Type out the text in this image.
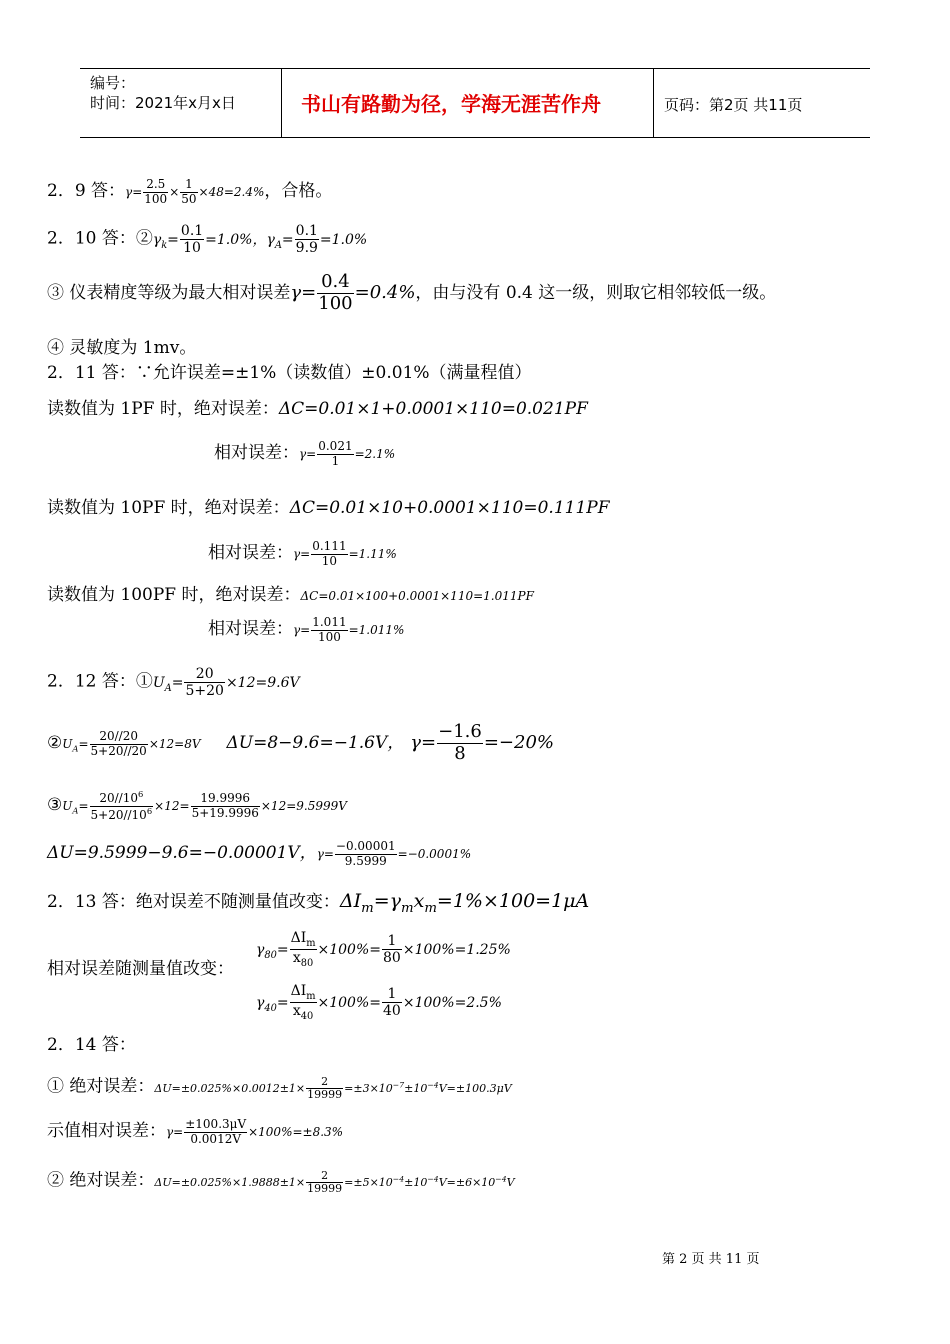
编号：
时间：2021年x月x日	书山有路勤为径，学海无涯苦作舟	页码：第2页 共11页
2．9 答：$\gamma= \frac{2.5}{100} \times \frac{1}{50} \times 48=2.4\%$，合格。
2．10 答：$②\gamma_k= \frac{0.1}{10} =1.0\%$，$\gamma_A= \frac{0.1}{9.9} =1.0\%$
③ 仪表精度等级为最大相对误差$\gamma= \frac{0.4}{100} =0.4\%$，由与没有 0.4 这一级，则取它相邻较低一级。
④ 灵敏度为 1mv。
2．11 答：∵允许误差=±1%（读数值）±0.01%（满量程值）
读数值为 1PF 时，绝对误差：ΔC=0.01×1+0.0001×110=0.021PF
相对误差：$\gamma= \frac{0.021}{1} =2.1\%$
读数值为 10PF 时，绝对误差：ΔC=0.01×10+0.0001×110=0.111PF
相对误差：$\gamma= \frac{0.111}{10} =1.11\%$
读数值为 100PF 时，绝对误差：ΔC=0.01×100+0.0001×110=1.011PF
相对误差：$\gamma= \frac{1.011}{100} =1.011\%$
2．12 答：$①U_A= \frac{20}{5+20} \times 12=9.6V$
$②U_A= \frac{20//20}{5+20//20} \times 12=8V$ ΔU=8−9.6=−1.6V， $\gamma= \frac{-1.6}{8} =-20\%$
$③U_A= \frac{20//10^6}{5+20//10^6} \times 12= \frac{19.9996}{5+19.9996} \times 12=9.5999V$
ΔU=9.5999−9.6=−0.00001V，$\gamma= \frac{-0.00001}{9.5999} =-0.0001\%$
2．13 答：绝对误差不随测量值改变：$\Delta I_m=\gamma_mx_m=1\%\times 100=1\mu A$
相对误差随测量值改变：
$\gamma_{80}= \frac{\Delta I_m}{x_{80}} \times 100\%= \frac{1}{80} \times 100\%=1.25\%$
$\gamma_{40}= \frac{\Delta I_m}{x_{40}} \times 100\%= \frac{1}{40} \times 100\%=2.5\%$
2．14 答：
① 绝对误差：$\Delta U=\pm 0.025\%\times 0.0012\pm 1\times \frac{2}{19999} =\pm 3\times 10^{-7}\pm 10^{-4}V=\pm 100.3\mu V$
示值相对误差：$\gamma= \frac{\pm 100.3\mu V}{0.0012V} \times 100\%=\pm 8.3\%$
② 绝对误差：$\Delta U=\pm 0.025\%\times 1.9888\pm 1\times \frac{2}{19999} =\pm 5\times 10^{-4}\pm 10^{-4}V=\pm 6\times 10^{-4}V$
第 2 页 共 11 页
